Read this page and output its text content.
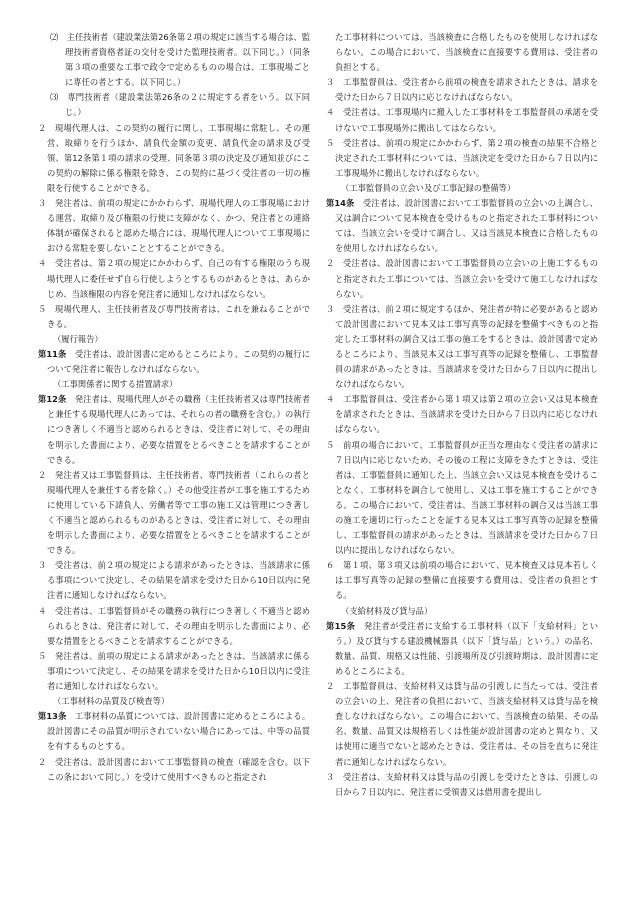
⑵　主任技術者（建設業法第26条第２項の規定に該当する場合は、監理技術者資格者証の交付を受けた監理技術者。以下同じ。）（同条第３項の重要な工事で政令で定めるものの場合は、工事現場ごとに専任の者とする。以下同じ。）

⑶　専門技術者（建設業法第26条の２に規定する者をいう。以下同じ。）

２　現場代理人は、この契約の履行に関し、工事現場に常駐し、その運営、取締りを行うほか、請負代金額の変更、請負代金の請求及び受領、第12条第１項の請求の受理、同条第３項の決定及び通知並びにこの契約の解除に係る権限を除き、この契約に基づく受注者の一切の権限を行使することができる。

３　発注者は、前項の規定にかかわらず、現場代理人の工事現場における運営、取締り及び権限の行使に支障がなく、かつ、発注者との連絡体制が確保されると認めた場合には、現場代理人について工事現場における常駐を要しないこととすることができる。

４　受注者は、第２項の規定にかかわらず、自己の有する権限のうち現場代理人に委任せず自ら行使しようとするものがあるときは、あらかじめ、当該権限の内容を発注者に通知しなければならない。

５　現場代理人、主任技術者及び専門技術者は、これを兼ねることができる。

（履行報告）

第11条　受注者は、設計図書に定めるところにより、この契約の履行について発注者に報告しなければならない。

（工事関係者に関する措置請求）

第12条　発注者は、現場代理人がその職務（主任技術者又は専門技術者と兼任する現場代理人にあっては、それらの者の職務を含む。）の執行につき著しく不適当と認められるときは、受注者に対して、その理由を明示した書面により、必要な措置をとるべきことを請求することができる。

２　発注者又は工事監督員は、主任技術者、専門技術者（これらの者と現場代理人を兼任する者を除く。）その他受注者が工事を施工するために使用している下請負人、労働者等で工事の施工又は管理につき著しく不適当と認められるものがあるときは、受注者に対して、その理由を明示した書面により、必要な措置をとるべきことを請求することができる。

３　受注者は、前２項の規定による請求があったときは、当該請求に係る事項について決定し、その結果を請求を受けた日から10日以内に発注者に通知しなければならない。

４　受注者は、工事監督員がその職務の執行につき著しく不適当と認められるときは、発注者に対して、その理由を明示した書面により、必要な措置をとるべきことを請求することができる。

５　発注者は、前項の規定による請求があったときは、当該請求に係る事項について決定し、その結果を請求を受けた日から10日以内に受注者に通知しなければならない。

（工事材料の品質及び検査等）

第13条　工事材料の品質については、設計図書に定めるところによる。設計図書にその品質が明示されていない場合にあっては、中等の品質を有するものとする。

２　受注者は、設計図書において工事監督員の検査（確認を含む。以下この条において同じ。）を受けて使用すべきものと指定され

た工事材料については、当該検査に合格したものを使用しなければならない。この場合において、当該検査に直接要する費用は、受注者の負担とする。

３　工事監督員は、受注者から前項の検査を請求されたときは、請求を受けた日から７日以内に応じなければならない。

４　受注者は、工事現場内に搬入した工事材料を工事監督員の承諾を受けないで工事現場外に搬出してはならない。

５　受注者は、前項の規定にかかわらず、第２項の検査の結果不合格と決定された工事材料については、当該決定を受けた日から７日以内に工事現場外に搬出しなければならない。

（工事監督員の立会い及び工事記録の整備等）

第14条　受注者は、設計図書において工事監督員の立会いの上調合し、又は調合について見本検査を受けるものと指定された工事材料については、当該立会いを受けて調合し、又は当該見本検査に合格したものを使用しなければならない。

２　受注者は、設計図書において工事監督員の立会いの上施工するものと指定された工事については、当該立会いを受けて施工しなければならない。

３　受注者は、前２項に規定するほか、発注者が特に必要があると認めて設計図書において見本又は工事写真等の記録を整備すべきものと指定した工事材料の調合又は工事の施工をするときは、設計図書で定めるところにより、当該見本又は工事写真等の記録を整備し、工事監督員の請求があったときは、当該請求を受けた日から７日以内に提出しなければならない。

４　工事監督員は、受注者から第１項又は第２項の立会い又は見本検査を請求されたときは、当該請求を受けた日から７日以内に応じなければならない。

５　前項の場合において、工事監督員が正当な理由なく受注者の請求に７日以内に応じないため、その後の工程に支障をきたすときは、受注者は、工事監督員に通知した上、当該立会い又は見本検査を受けることなく、工事材料を調合して使用し、又は工事を施工することができる。この場合において、受注者は、当該工事材料の調合又は当該工事の施工を適切に行ったことを証する見本又は工事写真等の記録を整備し、工事監督員の請求があったときは、当該請求を受けた日から７日以内に提出しなければならない。

６　第１項、第３項又は前項の場合において、見本検査又は見本若しくは工事写真等の記録の整備に直接要する費用は、受注者の負担とする。

（支給材料及び貸与品）

第15条　発注者が受注者に支給する工事材料（以下「支給材料」という。）及び貸与する建設機械器具（以下「貸与品」という。）の品名、数量、品質、規格又は性能、引渡場所及び引渡時期は、設計図書に定めるところによる。

２　工事監督員は、支給材料又は貸与品の引渡しに当たっては、受注者の立会いの上、発注者の負担において、当該支給材料又は貸与品を検査しなければならない。この場合において、当該検査の結果、その品名、数量、品質又は規格若しくは性能が設計図書の定めと異なり、又は使用に適当でないと認めたときは、受注者は、その旨を直ちに発注者に通知しなければならない。

３　受注者は、支給材料又は貸与品の引渡しを受けたときは、引渡しの日から７日以内に、発注者に受領書又は借用書を提出し
